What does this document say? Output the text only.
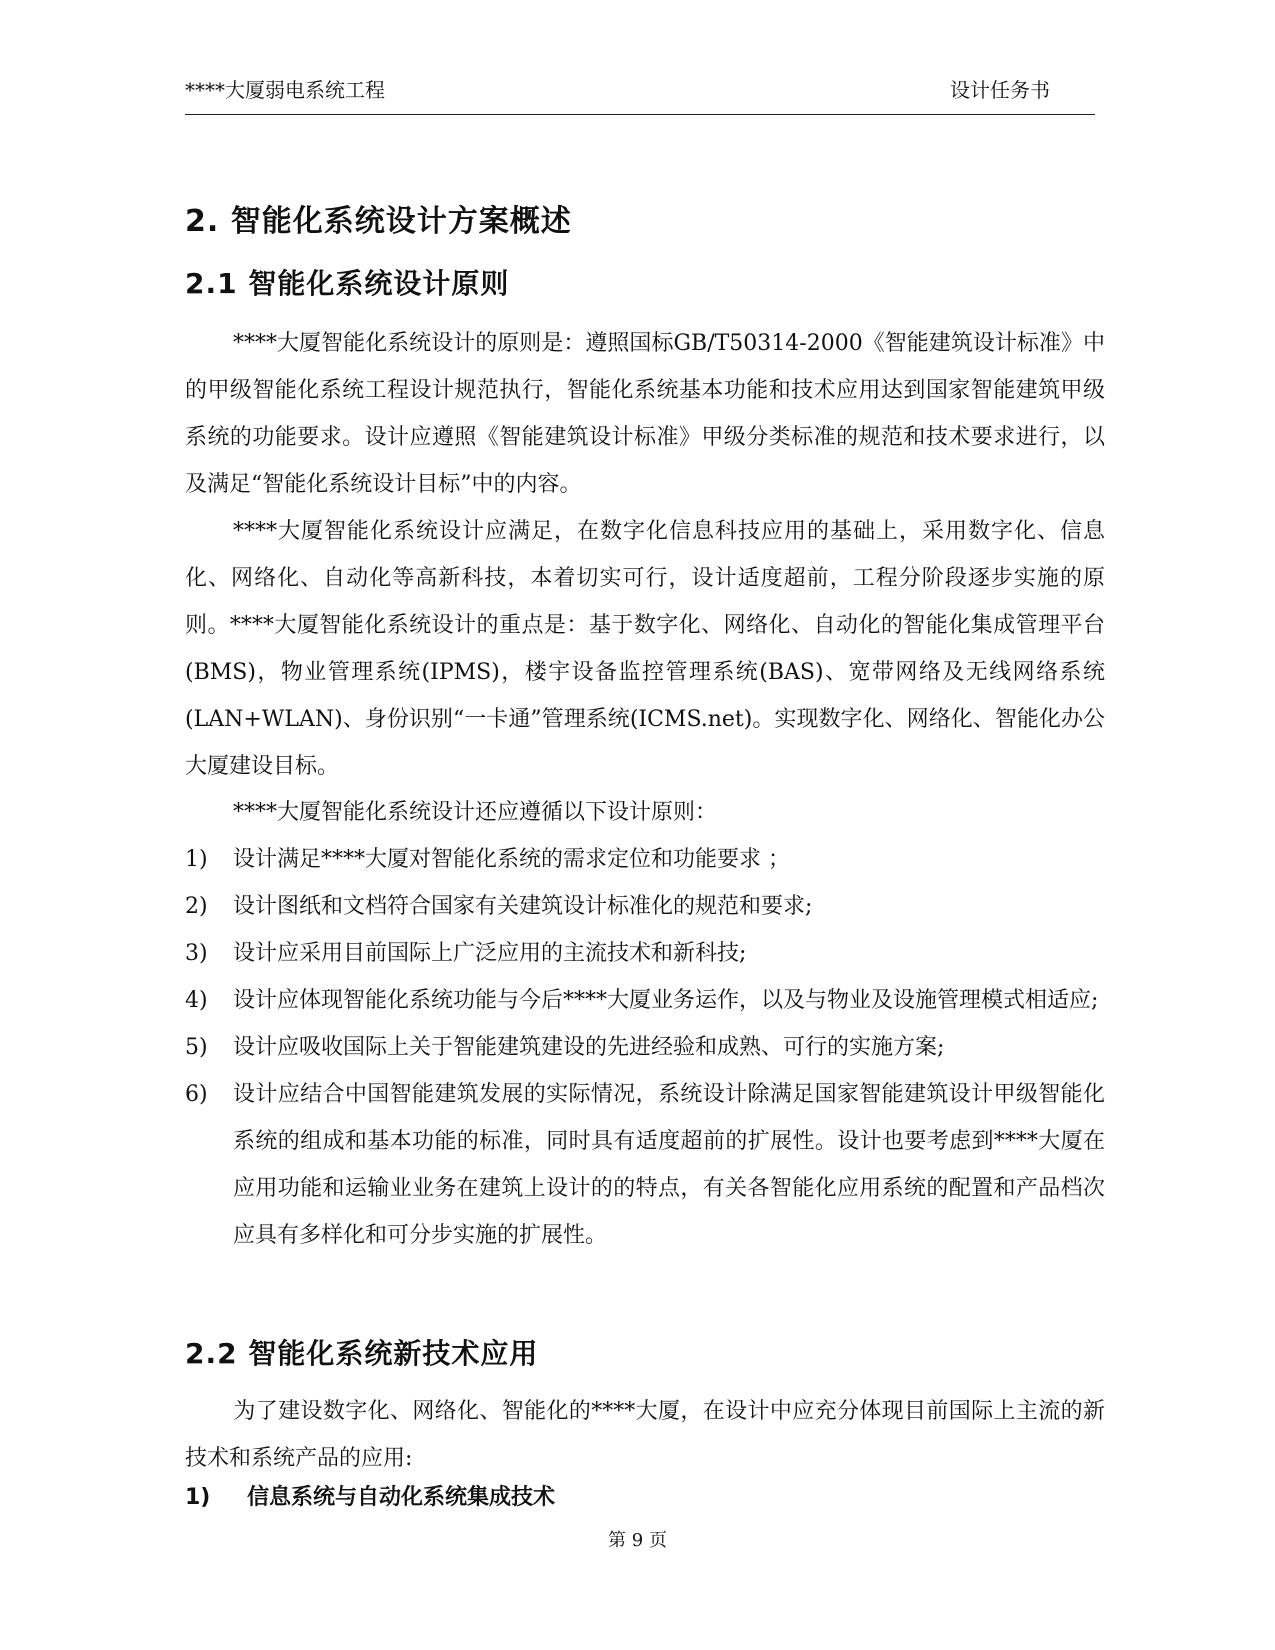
****大厦弱电系统工程	设计任务书
2. 智能化系统设计方案概述
2.1 智能化系统设计原则
****大厦智能化系统设计的原则是：遵照国标GB/T50314-2000《智能建筑设计标准》中的甲级智能化系统工程设计规范执行，智能化系统基本功能和技术应用达到国家智能建筑甲级系统的功能要求。设计应遵照《智能建筑设计标准》甲级分类标准的规范和技术要求进行，以及满足“智能化系统设计目标”中的内容。
****大厦智能化系统设计应满足，在数字化信息科技应用的基础上，采用数字化、信息化、网络化、自动化等高新科技，本着切实可行，设计适度超前，工程分阶段逐步实施的原则。****大厦智能化系统设计的重点是：基于数字化、网络化、自动化的智能化集成管理平台(BMS)，物业管理系统(IPMS)，楼宇设备监控管理系统(BAS)、宽带网络及无线网络系统(LAN+WLAN)、身份识别“一卡通”管理系统(ICMS.net)。实现数字化、网络化、智能化办公大厦建设目标。
****大厦智能化系统设计还应遵循以下设计原则：
1) 设计满足****大厦对智能化系统的需求定位和功能要求 ；
2) 设计图纸和文档符合国家有关建筑设计标准化的规范和要求;
3) 设计应采用目前国际上广泛应用的主流技术和新科技;
4) 设计应体现智能化系统功能与今后****大厦业务运作，以及与物业及设施管理模式相适应;
5) 设计应吸收国际上关于智能建筑建设的先进经验和成熟、可行的实施方案;
6) 设计应结合中国智能建筑发展的实际情况，系统设计除满足国家智能建筑设计甲级智能化系统的组成和基本功能的标准，同时具有适度超前的扩展性。设计也要考虑到****大厦在应用功能和运输业业务在建筑上设计的的特点，有关各智能化应用系统的配置和产品档次应具有多样化和可分步实施的扩展性。
2.2 智能化系统新技术应用
为了建设数字化、网络化、智能化的****大厦，在设计中应充分体现目前国际上主流的新技术和系统产品的应用:
1) 信息系统与自动化系统集成技术
第 9 页
